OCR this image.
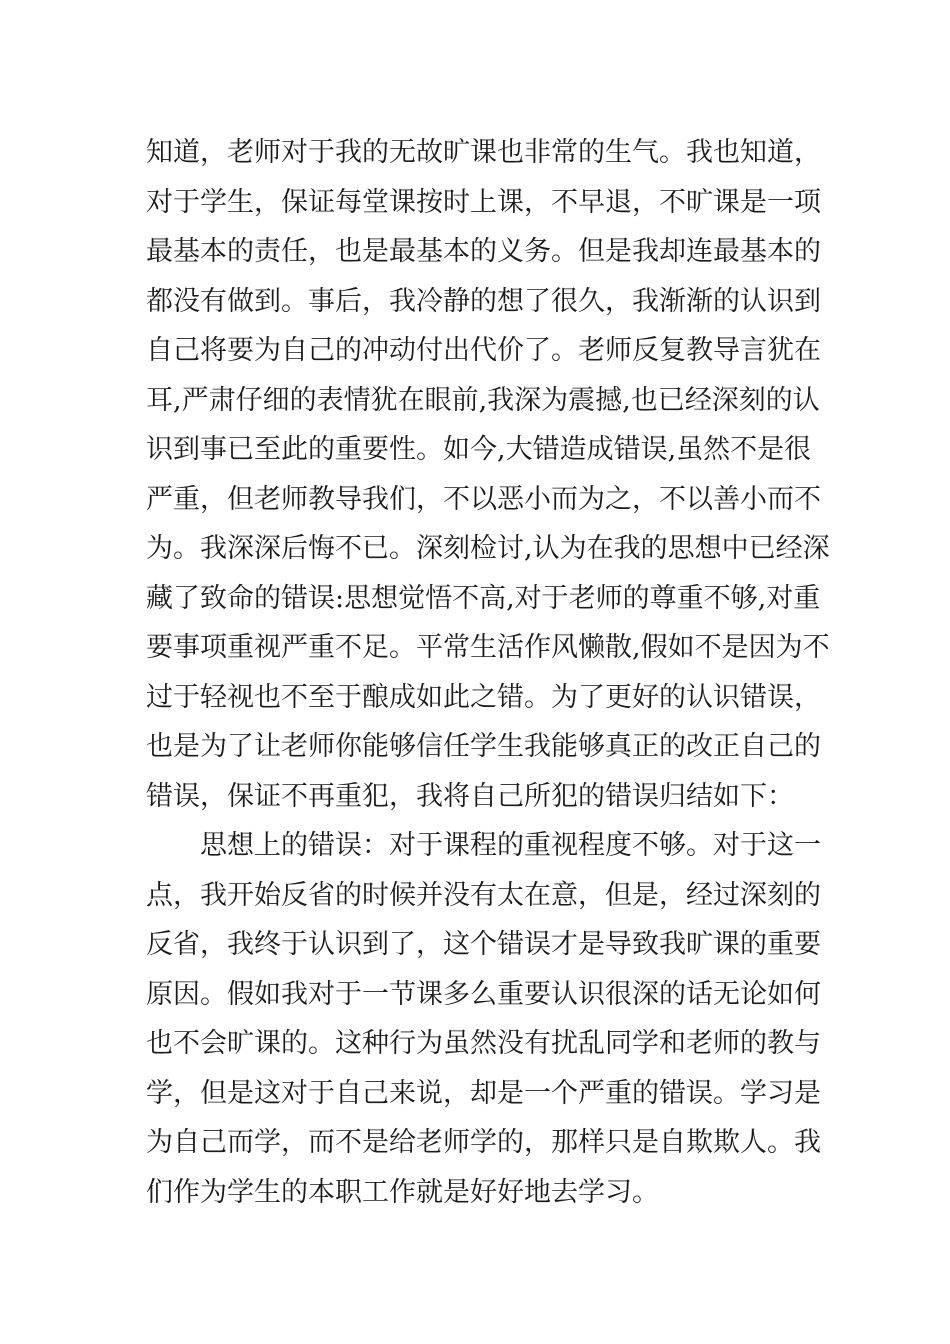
知道，老师对于我的无故旷课也非常的生气。我也知道，
对于学生，保证每堂课按时上课，不早退，不旷课是一项
最基本的责任，也是最基本的义务。但是我却连最基本的
都没有做到。事后，我冷静的想了很久，我渐渐的认识到
自己将要为自己的冲动付出代价了。老师反复教导言犹在
耳,严肃仔细的表情犹在眼前,我深为震撼,也已经深刻的认
识到事已至此的重要性。如今,大错造成错误,虽然不是很
严重，但老师教导我们，不以恶小而为之，不以善小而不
为。我深深后悔不已。深刻检讨,认为在我的思想中已经深
藏了致命的错误:思想觉悟不高,对于老师的尊重不够,对重
要事项重视严重不足。平常生活作风懒散,假如不是因为不
过于轻视也不至于酿成如此之错。为了更好的认识错误，
也是为了让老师你能够信任学生我能够真正的改正自己的
错误，保证不再重犯，我将自己所犯的错误归结如下：
思想上的错误：对于课程的重视程度不够。对于这一
点，我开始反省的时候并没有太在意，但是，经过深刻的
反省，我终于认识到了，这个错误才是导致我旷课的重要
原因。假如我对于一节课多么重要认识很深的话无论如何
也不会旷课的。这种行为虽然没有扰乱同学和老师的教与
学，但是这对于自己来说，却是一个严重的错误。学习是
为自己而学，而不是给老师学的，那样只是自欺欺人。我
们作为学生的本职工作就是好好地去学习。
